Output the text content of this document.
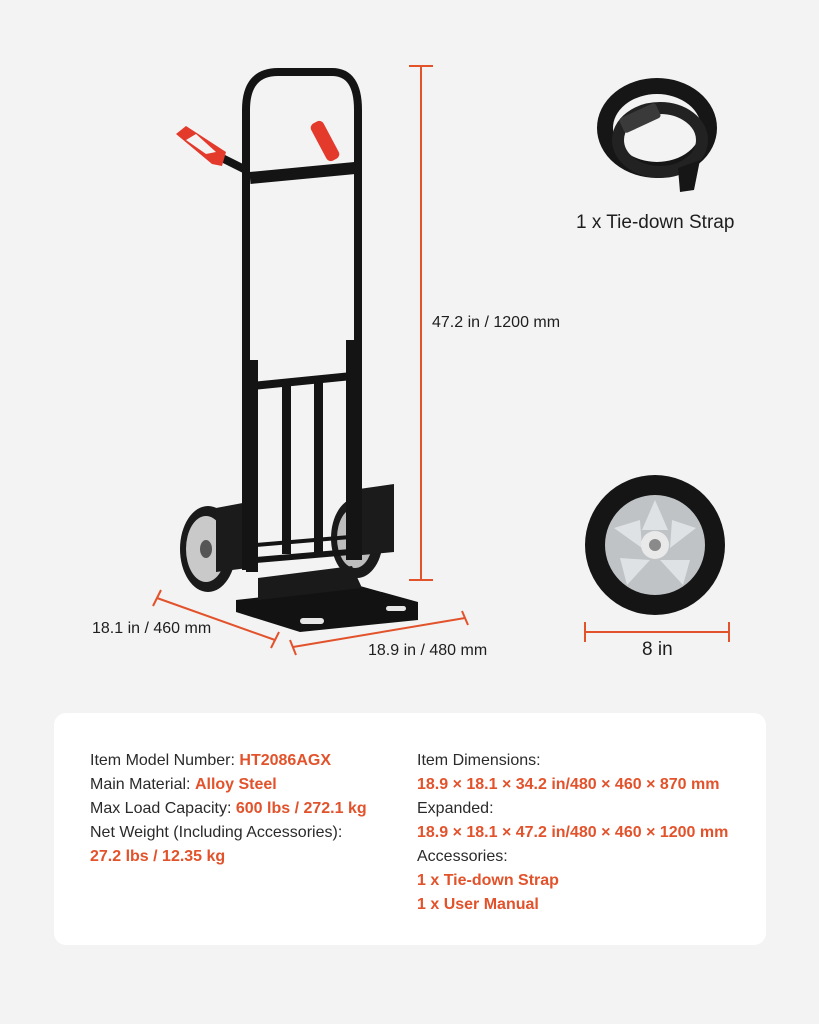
47.2 in / 1200 mm
18.1 in / 460 mm
18.9 in / 480 mm
1 x Tie-down Strap
8 in
Item Model Number: HT2086AGX
Main Material: Alloy Steel
Max Load Capacity: 600 lbs / 272.1 kg
Net Weight (Including Accessories):
27.2 lbs / 12.35 kg
Item Dimensions:
18.9 × 18.1 × 34.2 in/480 × 460 × 870 mm
Expanded:
18.9 × 18.1 × 47.2 in/480 × 460 × 1200 mm
Accessories:
1 x Tie-down Strap
1 x User Manual
